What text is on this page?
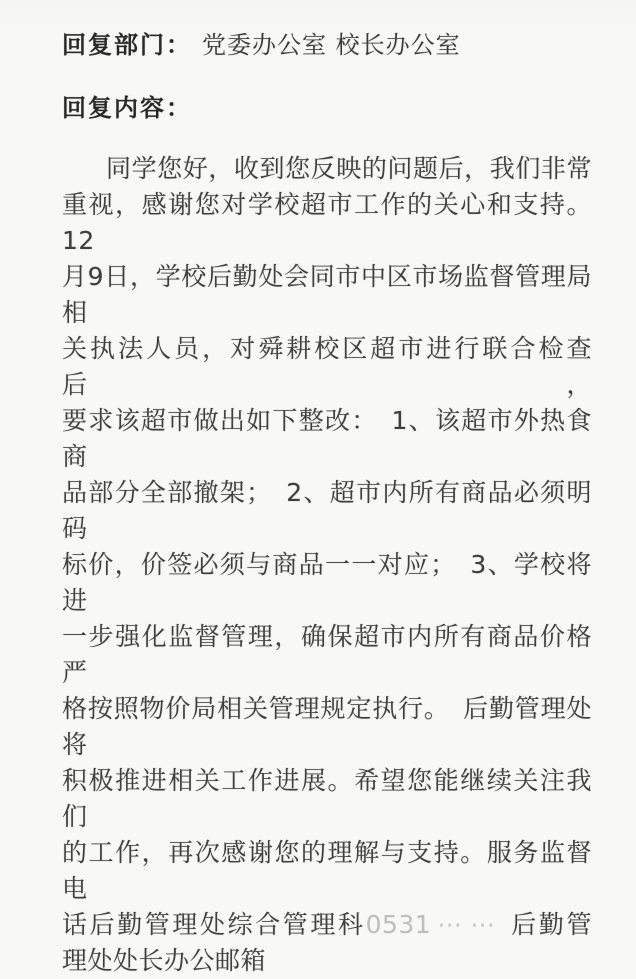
回复部门： 党委办公室 校长办公室
回复内容：
同学您好，收到您反映的问题后，我们非常
重视，感谢您对学校超市工作的关心和支持。12
月9日，学校后勤处会同市中区市场监督管理局相
关执法人员，对舜耕校区超市进行联合检查后，
要求该超市做出如下整改：　1、该超市外热食商
品部分全部撤架；　2、超市内所有商品必须明码
标价，价签必须与商品一一对应；　3、学校将进
一步强化监督管理，确保超市内所有商品价格严
格按照物价局相关管理规定执行。　后勤管理处将
积极推进相关工作进展。希望您能继续关注我们
的工作，再次感谢您的理解与支持。服务监督电
话后勤管理处综合管理科0531 ⋯⋯ 后勤管
理处处长办公邮箱
